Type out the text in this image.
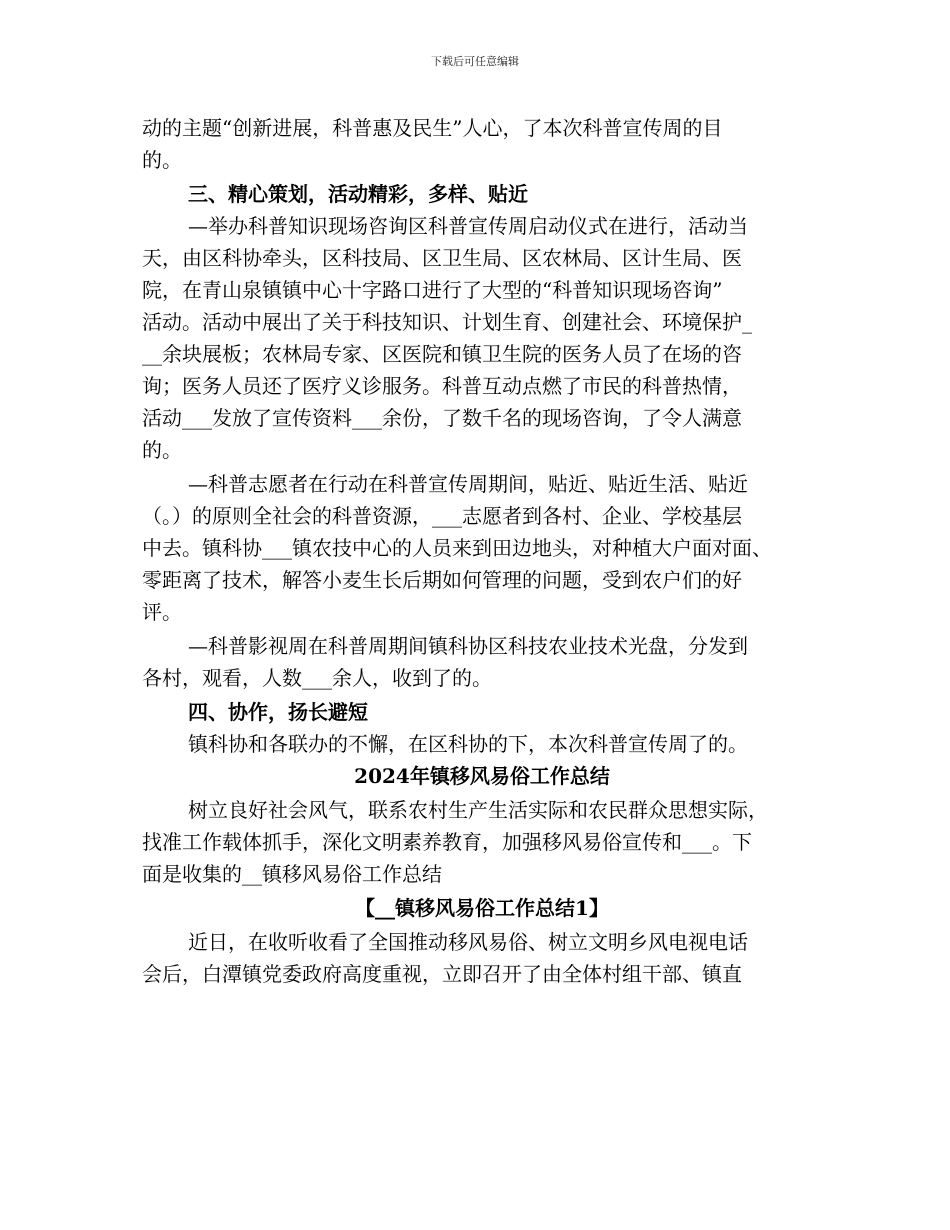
下载后可任意编辑
动的主题“创新进展，科普惠及民生”人心，了本次科普宣传周的目
的。
三、精心策划，活动精彩，多样、贴近
—举办科普知识现场咨询区科普宣传周启动仪式在进行，活动当
天，由区科协牵头，区科技局、区卫生局、区农林局、区计生局、医
院，在青山泉镇镇中心十字路口进行了大型的“科普知识现场咨询”
活动。活动中展出了关于科技知识、计划生育、创建社会、环境保护_
__余块展板；农林局专家、区医院和镇卫生院的医务人员了在场的咨
询；医务人员还了医疗义诊服务。科普互动点燃了市民的科普热情，
活动___发放了宣传资料___余份，了数千名的现场咨询，了令人满意
的。
—科普志愿者在行动在科普宣传周期间，贴近、贴近生活、贴近
（。）的原则全社会的科普资源，___志愿者到各村、企业、学校基层
中去。镇科协___镇农技中心的人员来到田边地头，对种植大户面对面、
零距离了技术，解答小麦生长后期如何管理的问题，受到农户们的好
评。
—科普影视周在科普周期间镇科协区科技农业技术光盘，分发到
各村，观看，人数___余人，收到了的。
四、协作，扬长避短
镇科协和各联办的不懈，在区科协的下，本次科普宣传周了的。
2024年镇移风易俗工作总结
树立良好社会风气，联系农村生产生活实际和农民群众思想实际，
找准工作载体抓手，深化文明素养教育，加强移风易俗宣传和___。下
面是收集的__镇移风易俗工作总结
【__镇移风易俗工作总结1】
近日，在收听收看了全国推动移风易俗、树立文明乡风电视电话
会后，白潭镇党委政府高度重视，立即召开了由全体村组干部、镇直
